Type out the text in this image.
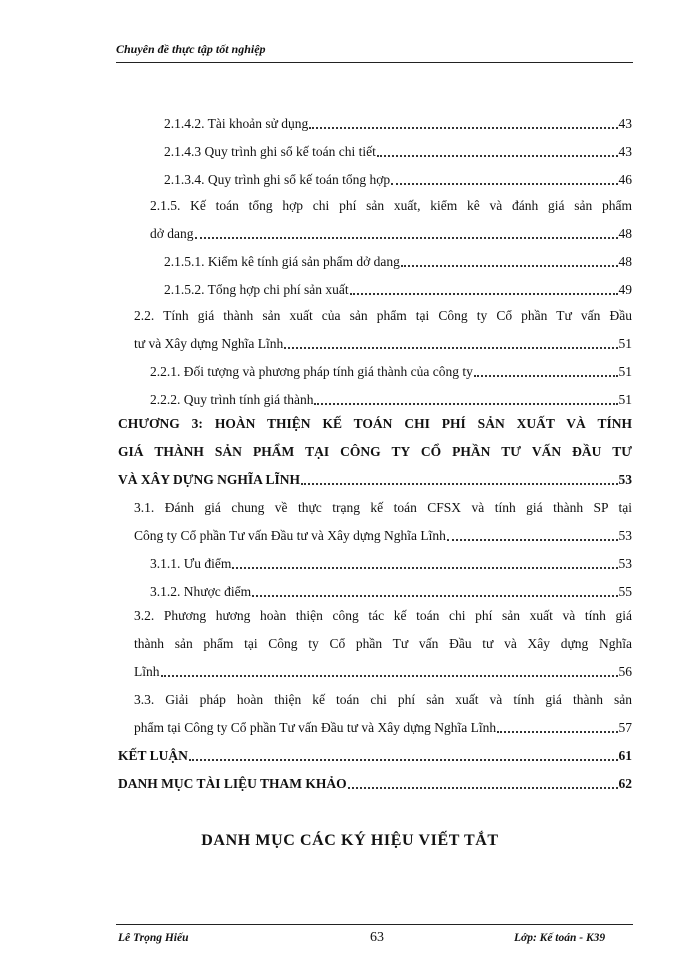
Chuyên đề thực tập tốt nghiệp
2.1.4.2. Tài khoản sử dụng	43
2.1.4.3 Quy trình ghi sổ kế toán chi tiết	43
2.1.3.4. Quy trình ghi sổ kế toán tổng hợp	46
2.1.5. Kế toán tổng hợp chi phí sản xuất, kiểm kê và đánh giá sản phẩm
dở dang	48
2.1.5.1. Kiểm kê tính giá sản phẩm dở dang	48
2.1.5.2. Tổng hợp chi phí sản xuất	49
2.2. Tính giá thành sản xuất của sản phẩm tại Công ty Cổ phần Tư vấn Đầu
tư và Xây dựng Nghĩa Lĩnh	51
2.2.1. Đối tượng và phương pháp tính giá thành của công ty	51
2.2.2. Quy trình tính giá thành	51
CHƯƠNG 3: HOÀN THIỆN KẾ TOÁN CHI PHÍ SẢN XUẤT VÀ TÍNH
GIÁ THÀNH SẢN PHẨM TẠI CÔNG TY CỔ PHẦN TƯ VẤN ĐẦU TƯ
VÀ XÂY DỰNG NGHĨA LĨNH	53
3.1. Đánh giá chung về thực trạng kế toán CFSX và tính giá thành SP tại
Công ty Cổ phần Tư vấn Đầu tư và Xây dựng Nghĩa Lĩnh	53
3.1.1. Ưu điểm	53
3.1.2. Nhược điểm	55
3.2. Phương hương hoàn thiện công tác kế toán chi phí sản xuất và tính giá
thành sản phẩm tại Công ty Cổ phần Tư vấn Đầu tư và Xây dựng Nghĩa
Lĩnh	56
3.3. Giải pháp hoàn thiện kế toán chi phí sản xuất và tính giá thành sản
phẩm tại Công ty Cổ phần Tư vấn Đầu tư và Xây dựng Nghĩa Lĩnh	57
KẾT LUẬN	61
DANH MỤC TÀI LIỆU THAM KHẢO	62
DANH MỤC CÁC KÝ HIỆU VIẾT TẮT
Lê Trọng Hiếu	63	Lớp: Kế toán - K39
